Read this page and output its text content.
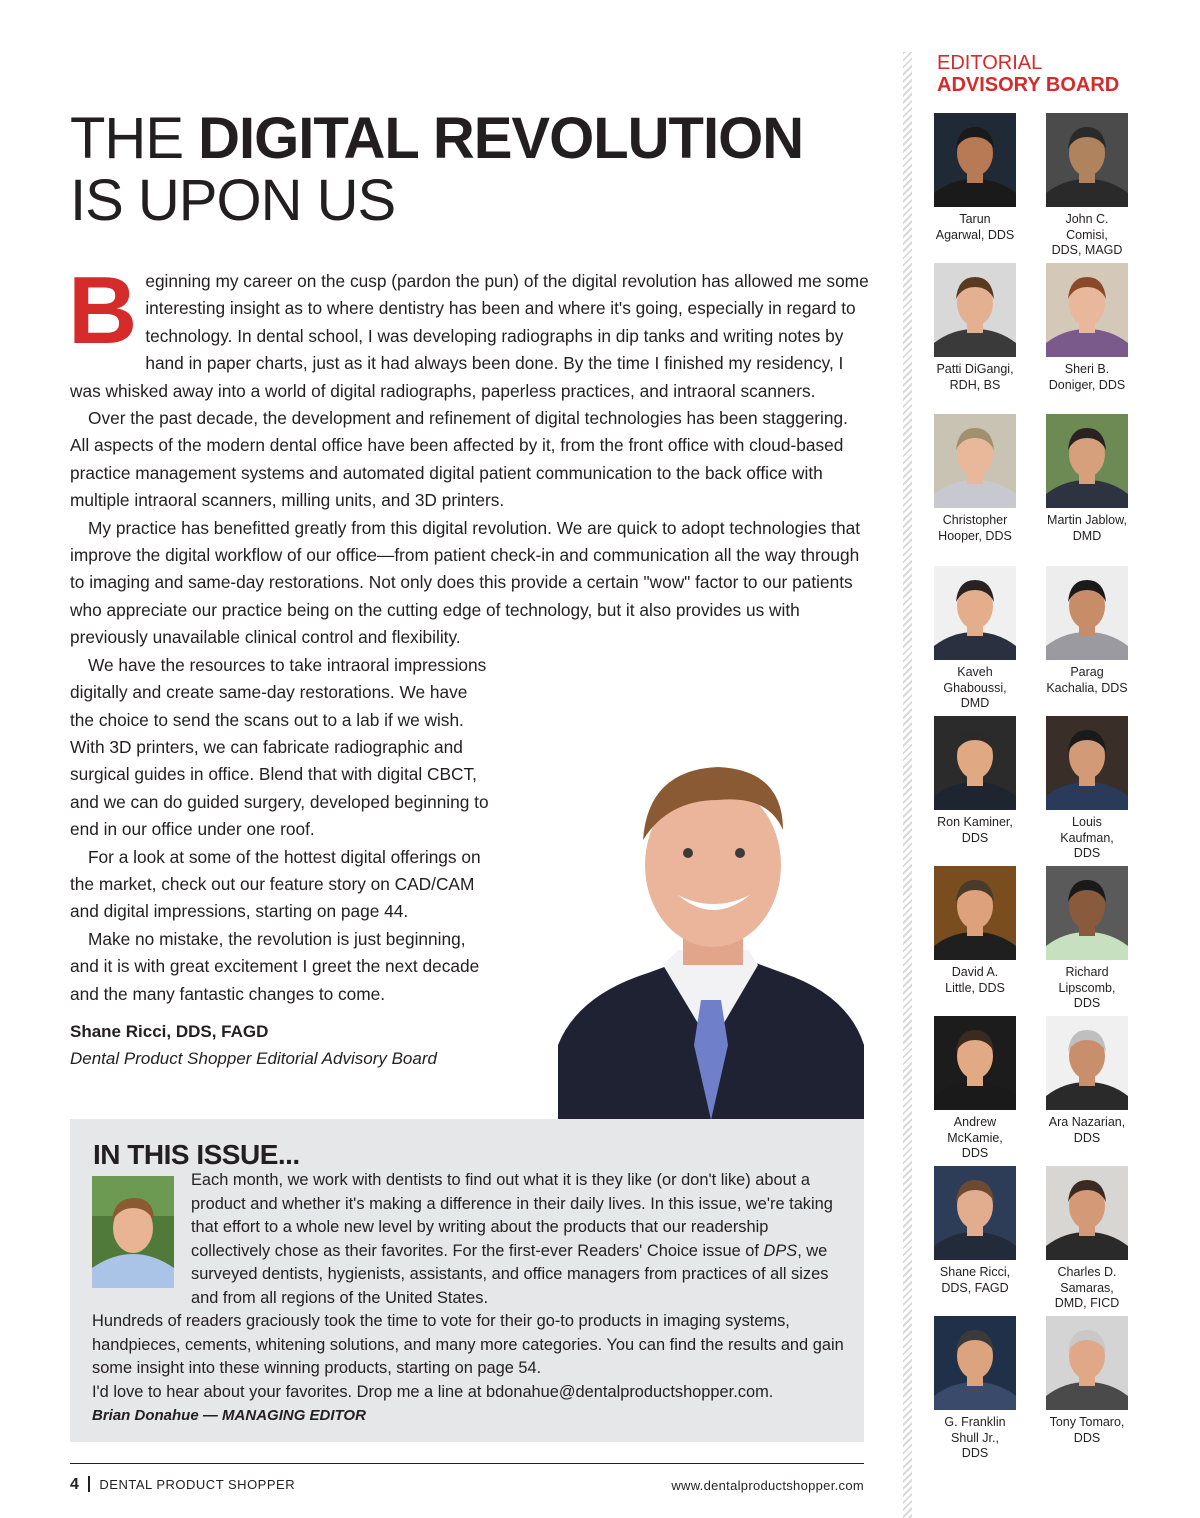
THE DIGITAL REVOLUTION
IS UPON US

Beginning my career on the cusp (pardon the pun) of the digital revolution has allowed me some interesting insight as to where dentistry has been and where it's going, especially in regard to technology. In dental school, I was developing radiographs in dip tanks and writing notes by hand in paper charts, just as it had always been done. By the time I finished my residency, I was whisked away into a world of digital radiographs, paperless practices, and intraoral scanners.

Over the past decade, the development and refinement of digital technologies has been staggering. All aspects of the modern dental office have been affected by it, from the front office with cloud-based practice management systems and automated digital patient communication to the back office with multiple intraoral scanners, milling units, and 3D printers.

My practice has benefitted greatly from this digital revolution. We are quick to adopt technologies that improve the digital workflow of our office—from patient check-in and communication all the way through to imaging and same-day restorations. Not only does this provide a certain "wow" factor to our patients who appreciate our practice being on the cutting edge of technology, but it also provides us with previously unavailable clinical control and flexibility.

We have the resources to take intraoral impressions digitally and create same-day restorations. We have the choice to send the scans out to a lab if we wish. With 3D printers, we can fabricate radiographic and surgical guides in office. Blend that with digital CBCT, and we can do guided surgery, developed beginning to end in our office under one roof.

For a look at some of the hottest digital offerings on the market, check out our feature story on CAD/CAM and digital impressions, starting on page 44.

Make no mistake, the revolution is just beginning, and it is with great excitement I greet the next decade and the many fantastic changes to come.

Shane Ricci, DDS, FAGD
Dental Product Shopper Editorial Advisory Board
IN THIS ISSUE...

Each month, we work with dentists to find out what it is they like (or don't like) about a product and whether it's making a difference in their daily lives. In this issue, we're taking that effort to a whole new level by writing about the products that our readership collectively chose as their favorites. For the first-ever Readers' Choice issue of DPS, we surveyed dentists, hygienists, assistants, and office managers from practices of all sizes and from all regions of the United States.

Hundreds of readers graciously took the time to vote for their go-to products in imaging systems, handpieces, cements, whitening solutions, and many more categories. You can find the results and gain some insight into these winning products, starting on page 54.

I'd love to hear about your favorites. Drop me a line at bdonahue@dentalproductshopper.com.

Brian Donahue — MANAGING EDITOR

4 DENTAL PRODUCT SHOPPER	www.dentalproductshopper.com
EDITORIAL
ADVISORY BOARD
Tarun
Agarwal, DDS
John C.
Comisi,
DDS, MAGD
Patti DiGangi,
RDH, BS
Sheri B.
Doniger, DDS
Christopher
Hooper, DDS
Martin Jablow,
DMD
Kaveh
Ghaboussi,
DMD
Parag
Kachalia, DDS
Ron Kaminer,
DDS
Louis
Kaufman,
DDS
David A.
Little, DDS
Richard
Lipscomb,
DDS
Andrew
McKamie,
DDS
Ara Nazarian,
DDS
Shane Ricci,
DDS, FAGD
Charles D.
Samaras,
DMD, FICD
G. Franklin
Shull Jr.,
DDS
Tony Tomaro,
DDS
